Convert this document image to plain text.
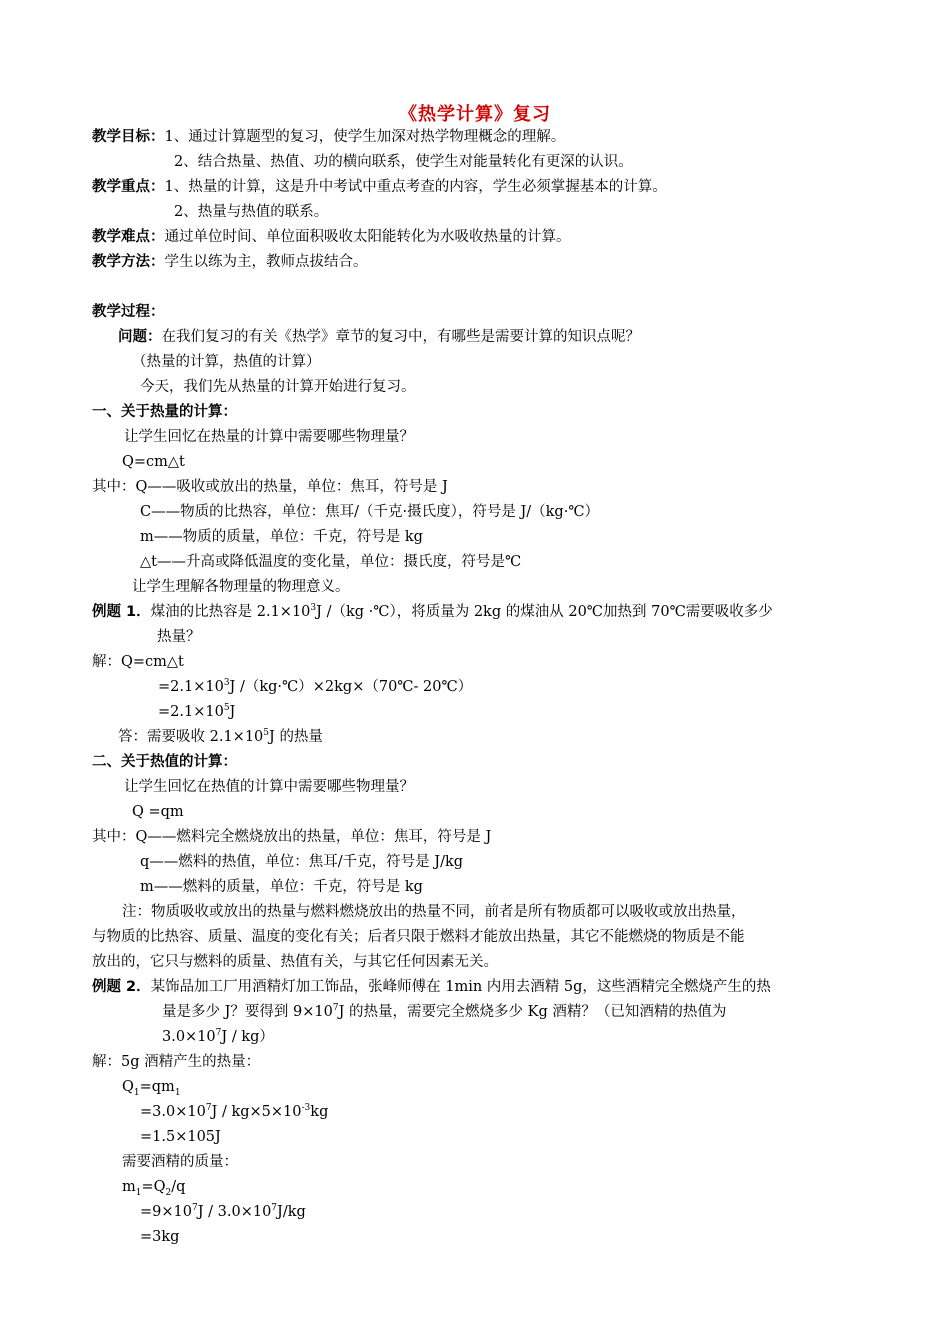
《热学计算》复习
教学目标：1、通过计算题型的复习，使学生加深对热学物理概念的理解。
2、结合热量、热值、功的横向联系，使学生对能量转化有更深的认识。
教学重点：1、热量的计算，这是升中考试中重点考查的内容，学生必须掌握基本的计算。
2、热量与热值的联系。
教学难点：通过单位时间、单位面积吸收太阳能转化为水吸收热量的计算。
教学方法：学生以练为主，教师点拔结合。
教学过程：
问题：在我们复习的有关《热学》章节的复习中，有哪些是需要计算的知识点呢？
（热量的计算，热值的计算）
今天，我们先从热量的计算开始进行复习。
一、关于热量的计算：
让学生回忆在热量的计算中需要哪些物理量？
Q=cm△t
其中：Q——吸收或放出的热量，单位：焦耳，符号是 J
C——物质的比热容，单位：焦耳/（千克·摄氏度），符号是 J/（kg·℃）
m——物质的质量，单位：千克，符号是 kg
△t——升高或降低温度的变化量，单位：摄氏度，符号是℃
让学生理解各物理量的物理意义。
例题 1．煤油的比热容是 $2.1\times 10^3J$ /（kg ·℃），将质量为 2kg 的煤油从 20℃加热到 70℃需要吸收多少
热量？
解：Q=cm△t
$=2.1\times 10^3J$ /（kg·℃）×2kg×（70℃- 20℃）
$=2.1\times 10^5J$
答：需要吸收 $2.1\times 10^5J$ 的热量
二、关于热值的计算：
让学生回忆在热值的计算中需要哪些物理量？
Q =qm
其中：Q——燃料完全燃烧放出的热量，单位：焦耳，符号是 J
q——燃料的热值，单位：焦耳/千克，符号是 J/kg
m——燃料的质量，单位：千克，符号是 kg
注：物质吸收或放出的热量与燃料燃烧放出的热量不同，前者是所有物质都可以吸收或放出热量，
与物质的比热容、质量、温度的变化有关；后者只限于燃料才能放出热量，其它不能燃烧的物质是不能
放出的，它只与燃料的质量、热值有关，与其它任何因素无关。
例题 2．某饰品加工厂用酒精灯加工饰品，张峰师傅在 1min 内用去酒精 5g，这些酒精完全燃烧产生的热
量是多少 J？要得到 $9\times 10^7J$ 的热量，需要完全燃烧多少 Kg 酒精？（已知酒精的热值为
$3.0\times 10^7J / kg$）
解：5g 酒精产生的热量：
$Q_1=qm_1$
$=3.0\times 10^7J / kg\times 5\times 10^{-3}kg$
=1.5×105J
需要酒精的质量：
$m_1=Q_2/q$
$=9\times 10^7J / 3.0\times 10^7J/kg$
=3kg
